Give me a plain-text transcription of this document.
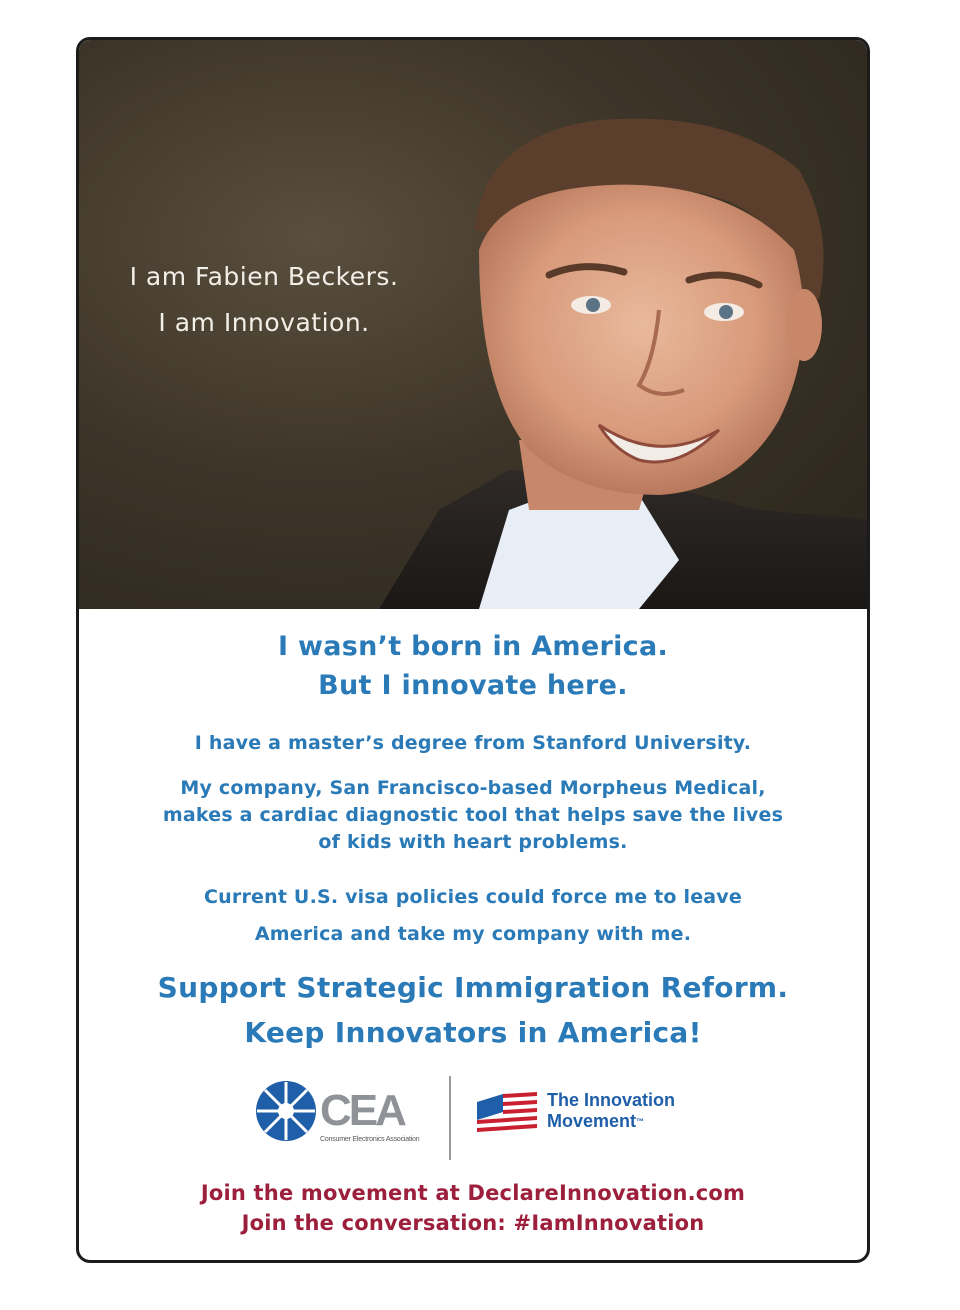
I am Fabien Beckers.
I am Innovation.
I wasn’t born in America.
But I innovate here.
I have a master’s degree from Stanford University.
My company, San Francisco-based Morpheus Medical,
makes a cardiac diagnostic tool that helps save the lives
of kids with heart problems.
Current U.S. visa policies could force me to leave
America and take my company with me.
Support Strategic Immigration Reform.
Keep Innovators in America!
Join the movement at DeclareInnovation.com
Join the conversation: #IamInnovation
CEA
Consumer Electronics Association
The Innovation
Movement™
